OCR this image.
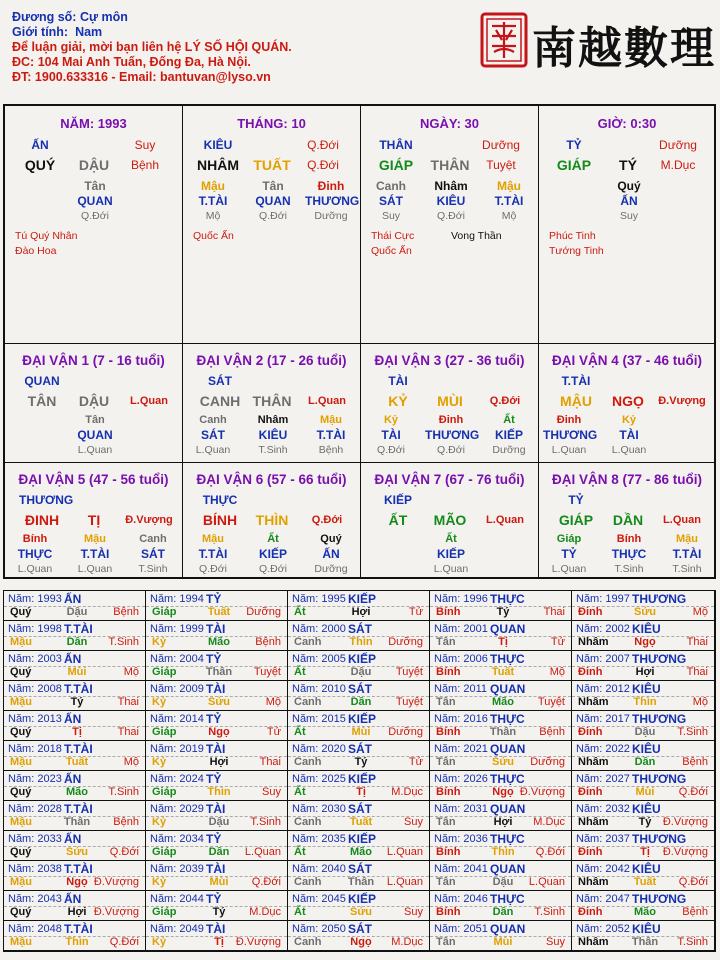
Đương số: Cự môn
Giới tính: Nam
Để luận giải, mời bạn liên hệ LÝ SỐ HỘI QUÁN.
ĐC: 104 Mai Anh Tuấn, Đống Đa, Hà Nội.
ĐT: 1900.633316 - Email: bantuvan@lyso.vn
南越數理
NĂM: 1993
ẤN	Suy
QUÝ	DẬU	Bệnh
Tân
QUAN
Q.Đới
Tú Quý Nhân
Đào Hoa
THÁNG: 10
KIÊU	Q.Đới
NHÂM	TUẤT	Q.Đới
Mậu
T.TÀI
Mộ
Tân
QUAN
Q.Đới
Đinh
THƯƠNG
Dưỡng
Quốc Ấn
NGÀY: 30
THÂN	Dưỡng
GIÁP	THÂN	Tuyệt
Canh
SÁT
Suy
Nhâm
KIÊU
Q.Đới
Mậu
T.TÀI
Mộ
Thái Cực
Quốc Ấn
Vong Thần
GIỜ: 0:30
TỶ	Dưỡng
GIÁP	TÝ	M.Dục
Quý
ẤN
Suy
Phúc Tinh
Tướng Tinh
ĐẠI VẬN 1 (7 - 16 tuổi)
QUAN
TÂN	DẬU	L.Quan
Tân
QUAN
L.Quan
ĐẠI VẬN 2 (17 - 26 tuổi)
SÁT
CANH THÂN	L.Quan
Canh
SÁT
L.Quan
Nhâm
KIÊU
T.Sinh
Mậu
T.TÀI
Bệnh
ĐẠI VẬN 3 (27 - 36 tuổi)
TÀI
KỶ	MÙI	Q.Đới
Kỷ
TÀI
Q.Đới
Đinh
THƯƠNG
Q.Đới
Ất
KIẾP
Dưỡng
ĐẠI VẬN 4 (37 - 46 tuổi)
T.TÀI
MẬU	NGỌ	Đ.Vượng
Đinh
THƯƠNG
L.Quan
Kỷ
TÀI
L.Quan
ĐẠI VẬN 5 (47 - 56 tuổi)
THƯƠNG
ĐINH	TỊ	Đ.Vượng
Bính
THỰC
L.Quan
Mậu
T.TÀI
L.Quan
Canh
SÁT
T.Sinh
ĐẠI VẬN 6 (57 - 66 tuổi)
THỰC
BÍNH	THÌN	Q.Đới
Mậu
T.TÀI
Q.Đới
Ất
KIẾP
Q.Đới
Quý
ẤN
Dưỡng
ĐẠI VẬN 7 (67 - 76 tuổi)
KIẾP
ẤT	MÃO	L.Quan
Ất
KIẾP
L.Quan
ĐẠI VẬN 8 (77 - 86 tuổi)
TỶ
GIÁP	DẦN	L.Quan
Giáp
TỶ
L.Quan
Bính
THỰC
T.Sinh
Mậu
T.TÀI
T.Sinh
Năm: 1993 ẤN
Quý	Dậu	Bệnh
Năm: 1994 TỶ
Giáp	Tuất	Dưỡng
Năm: 1995 KIẾP
Ất	Hợi	Tử
Năm: 1996 THỰC
Bính	Tý	Thai
Năm: 1997 THƯƠNG
Đinh	Sửu	Mộ
Năm: 1998 T.TÀI
Mậu	Dần	T.Sinh
Năm: 1999 TÀI
Kỷ	Mão	Bệnh
Năm: 2000 SÁT
Canh	Thìn	Dưỡng
Năm: 2001 QUAN
Tân	Tị	Tử
Năm: 2002 KIÊU
Nhâm	Ngọ	Thai
Năm: 2003 ẤN
Quý	Mùi	Mộ
Năm: 2004 TỶ
Giáp	Thân	Tuyệt
Năm: 2005 KIẾP
Ất	Dậu	Tuyệt
Năm: 2006 THỰC
Bính	Tuất	Mộ
Năm: 2007 THƯƠNG
Đinh	Hợi	Thai
Năm: 2008 T.TÀI
Mậu	Tý	Thai
Năm: 2009 TÀI
Kỷ	Sửu	Mộ
Năm: 2010 SÁT
Canh	Dần	Tuyệt
Năm: 2011 QUAN
Tân	Mão	Tuyệt
Năm: 2012 KIÊU
Nhâm	Thìn	Mộ
Năm: 2013 ẤN
Quý	Tị	Thai
Năm: 2014 TỶ
Giáp	Ngọ	Tử
Năm: 2015 KIẾP
Ất	Mùi	Dưỡng
Năm: 2016 THỰC
Bính	Thân	Bệnh
Năm: 2017 THƯƠNG
Đinh	Dậu	T.Sinh
Năm: 2018 T.TÀI
Mậu	Tuất	Mộ
Năm: 2019 TÀI
Kỷ	Hợi	Thai
Năm: 2020 SÁT
Canh	Tý	Tử
Năm: 2021 QUAN
Tân	Sửu	Dưỡng
Năm: 2022 KIÊU
Nhâm	Dần	Bệnh
Năm: 2023 ẤN
Quý	Mão	T.Sinh
Năm: 2024 TỶ
Giáp	Thìn	Suy
Năm: 2025 KIẾP
Ất	Tị	M.Dục
Năm: 2026 THỰC
Bính	Ngọ Đ.Vượng
Năm: 2027 THƯƠNG
Đinh	Mùi	Q.Đới
Năm: 2028 T.TÀI
Mậu	Thân	Bệnh
Năm: 2029 TÀI
Kỷ	Dậu	T.Sinh
Năm: 2030 SÁT
Canh	Tuất	Suy
Năm: 2031 QUAN
Tân	Hợi	M.Dục
Năm: 2032 KIÊU
Nhâm	Tý	Đ.Vượng
Năm: 2033 ẤN
Quý	Sửu	Q.Đới
Năm: 2034 TỶ
Giáp	Dần	L.Quan
Năm: 2035 KIẾP
Ất	Mão	L.Quan
Năm: 2036 THỰC
Bính	Thìn	Q.Đới
Năm: 2037 THƯƠNG
Đinh	Tị	Đ.Vượng
Năm: 2038 T.TÀI
Mậu	Ngọ Đ.Vượng
Năm: 2039 TÀI
Kỷ	Mùi	Q.Đới
Năm: 2040 SÁT
Canh	Thân	L.Quan
Năm: 2041 QUAN
Tân	Dậu	L.Quan
Năm: 2042 KIÊU
Nhâm	Tuất	Q.Đới
Năm: 2043 ẤN
Quý	Hợi Đ.Vượng
Năm: 2044 TỶ
Giáp	Tý	M.Dục
Năm: 2045 KIẾP
Ất	Sửu	Suy
Năm: 2046 THỰC
Bính	Dần	T.Sinh
Năm: 2047 THƯƠNG
Đinh	Mão	Bệnh
Năm: 2048 T.TÀI
Mậu	Thìn	Q.Đới
Năm: 2049 TÀI
Kỷ	Tị	Đ.Vượng
Năm: 2050 SÁT
Canh	Ngọ	M.Dục
Năm: 2051 QUAN
Tân	Mùi	Suy
Năm: 2052 KIÊU
Nhâm	Thân	T.Sinh
